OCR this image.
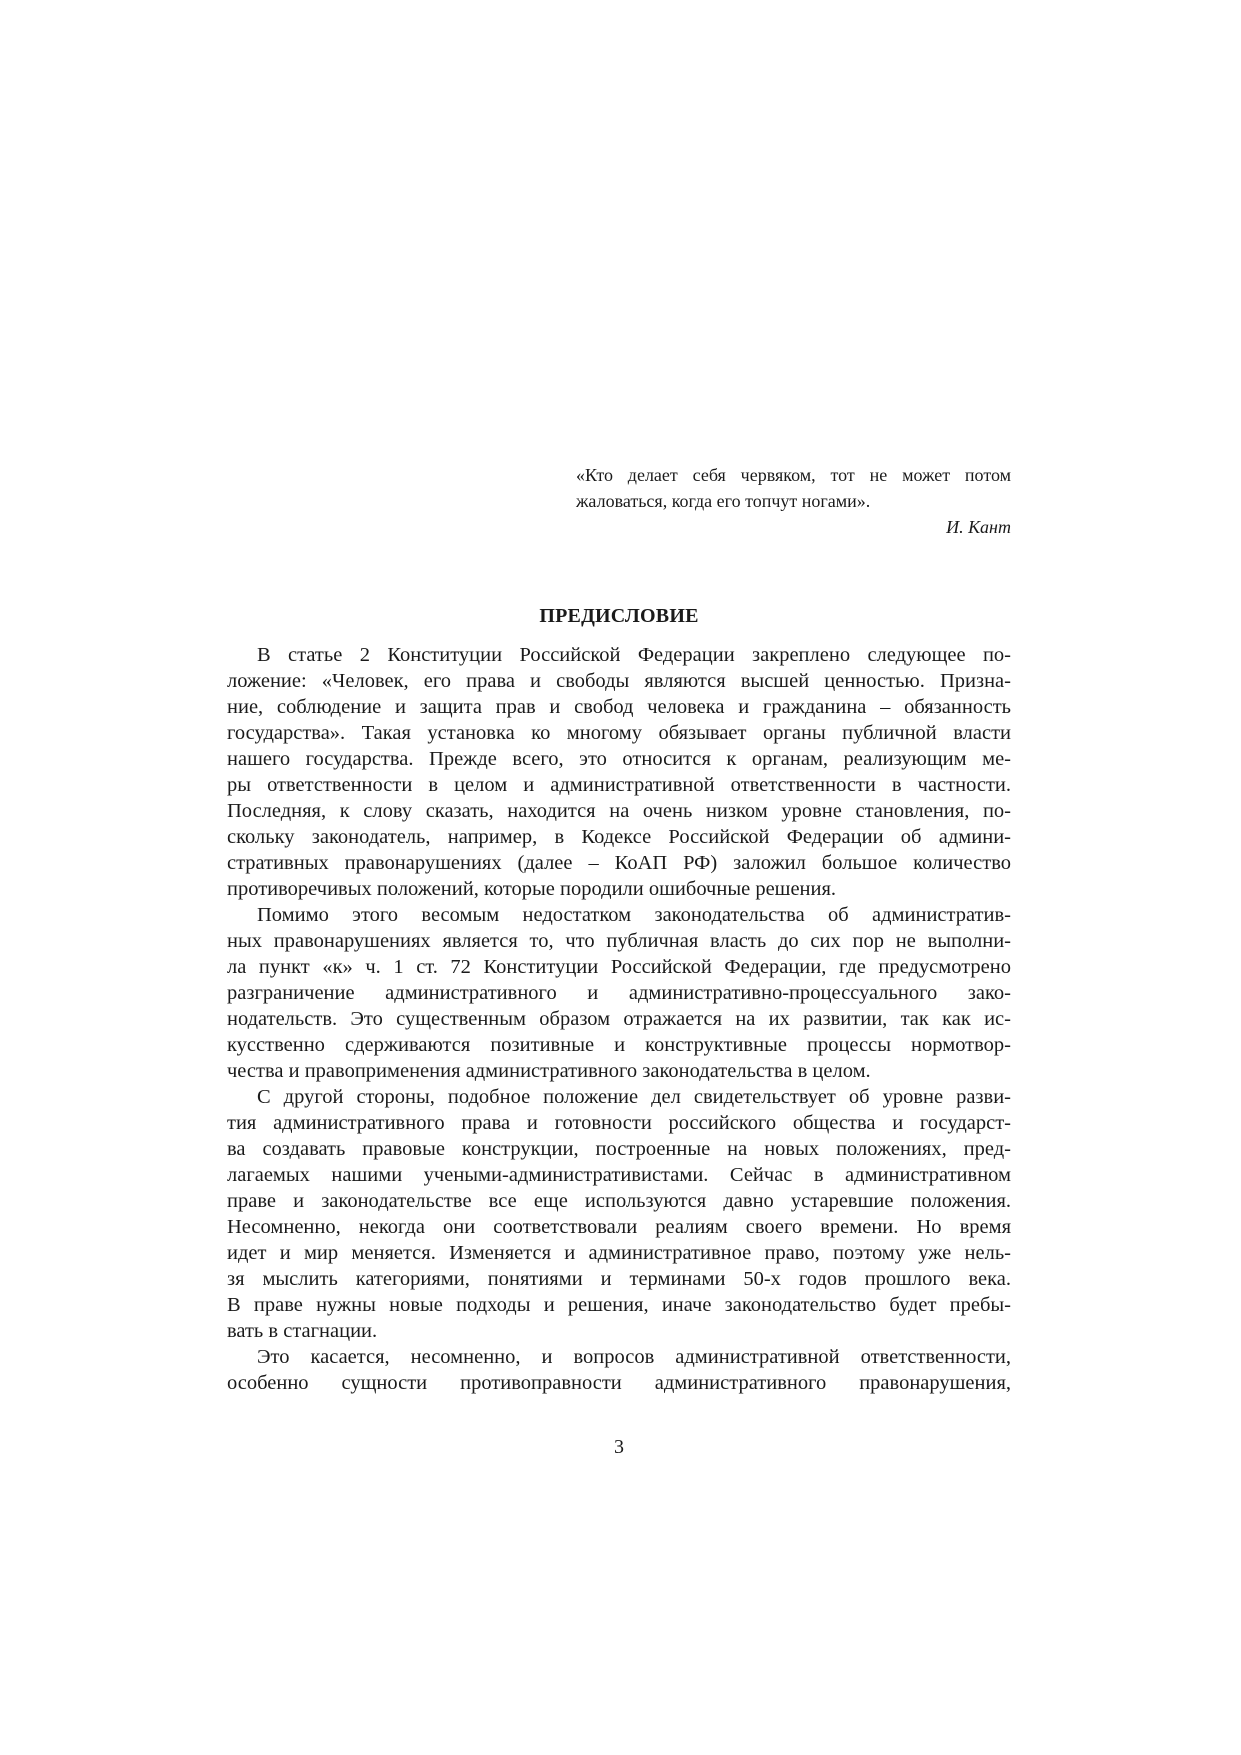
«Кто делает себя червяком, тот не может потом
жаловаться, когда его топчут ногами».
И. Кант
ПРЕДИСЛОВИЕ
В статье 2 Конституции Российской Федерации закреплено следующее по-
ложение: «Человек, его права и свободы являются высшей ценностью. Призна-
ние, соблюдение и защита прав и свобод человека и гражданина – обязанность
государства». Такая установка ко многому обязывает органы публичной власти
нашего государства. Прежде всего, это относится к органам, реализующим ме-
ры ответственности в целом и административной ответственности в частности.
Последняя, к слову сказать, находится на очень низком уровне становления, по-
скольку законодатель, например, в Кодексе Российской Федерации об админи-
стративных правонарушениях (далее – КоАП РФ) заложил большое количество
противоречивых положений, которые породили ошибочные решения.
Помимо этого весомым недостатком законодательства об административ-
ных правонарушениях является то, что публичная власть до сих пор не выполни-
ла пункт «к» ч. 1 ст. 72 Конституции Российской Федерации, где предусмотрено
разграничение административного и административно-процессуального зако-
нодательств. Это существенным образом отражается на их развитии, так как ис-
кусственно сдерживаются позитивные и конструктивные процессы нормотвор-
чества и правоприменения административного законодательства в целом.
С другой стороны, подобное положение дел свидетельствует об уровне разви-
тия административного права и готовности российского общества и государст-
ва создавать правовые конструкции, построенные на новых положениях, пред-
лагаемых нашими учеными-административистами. Сейчас в административном
праве и законодательстве все еще используются давно устаревшие положения.
Несомненно, некогда они соответствовали реалиям своего времени. Но время
идет и мир меняется. Изменяется и административное право, поэтому уже нель-
зя мыслить категориями, понятиями и терминами 50-х годов прошлого века.
В праве нужны новые подходы и решения, иначе законодательство будет пребы-
вать в стагнации.
Это касается, несомненно, и вопросов административной ответственности,
особенно сущности противоправности административного правонарушения,
3
